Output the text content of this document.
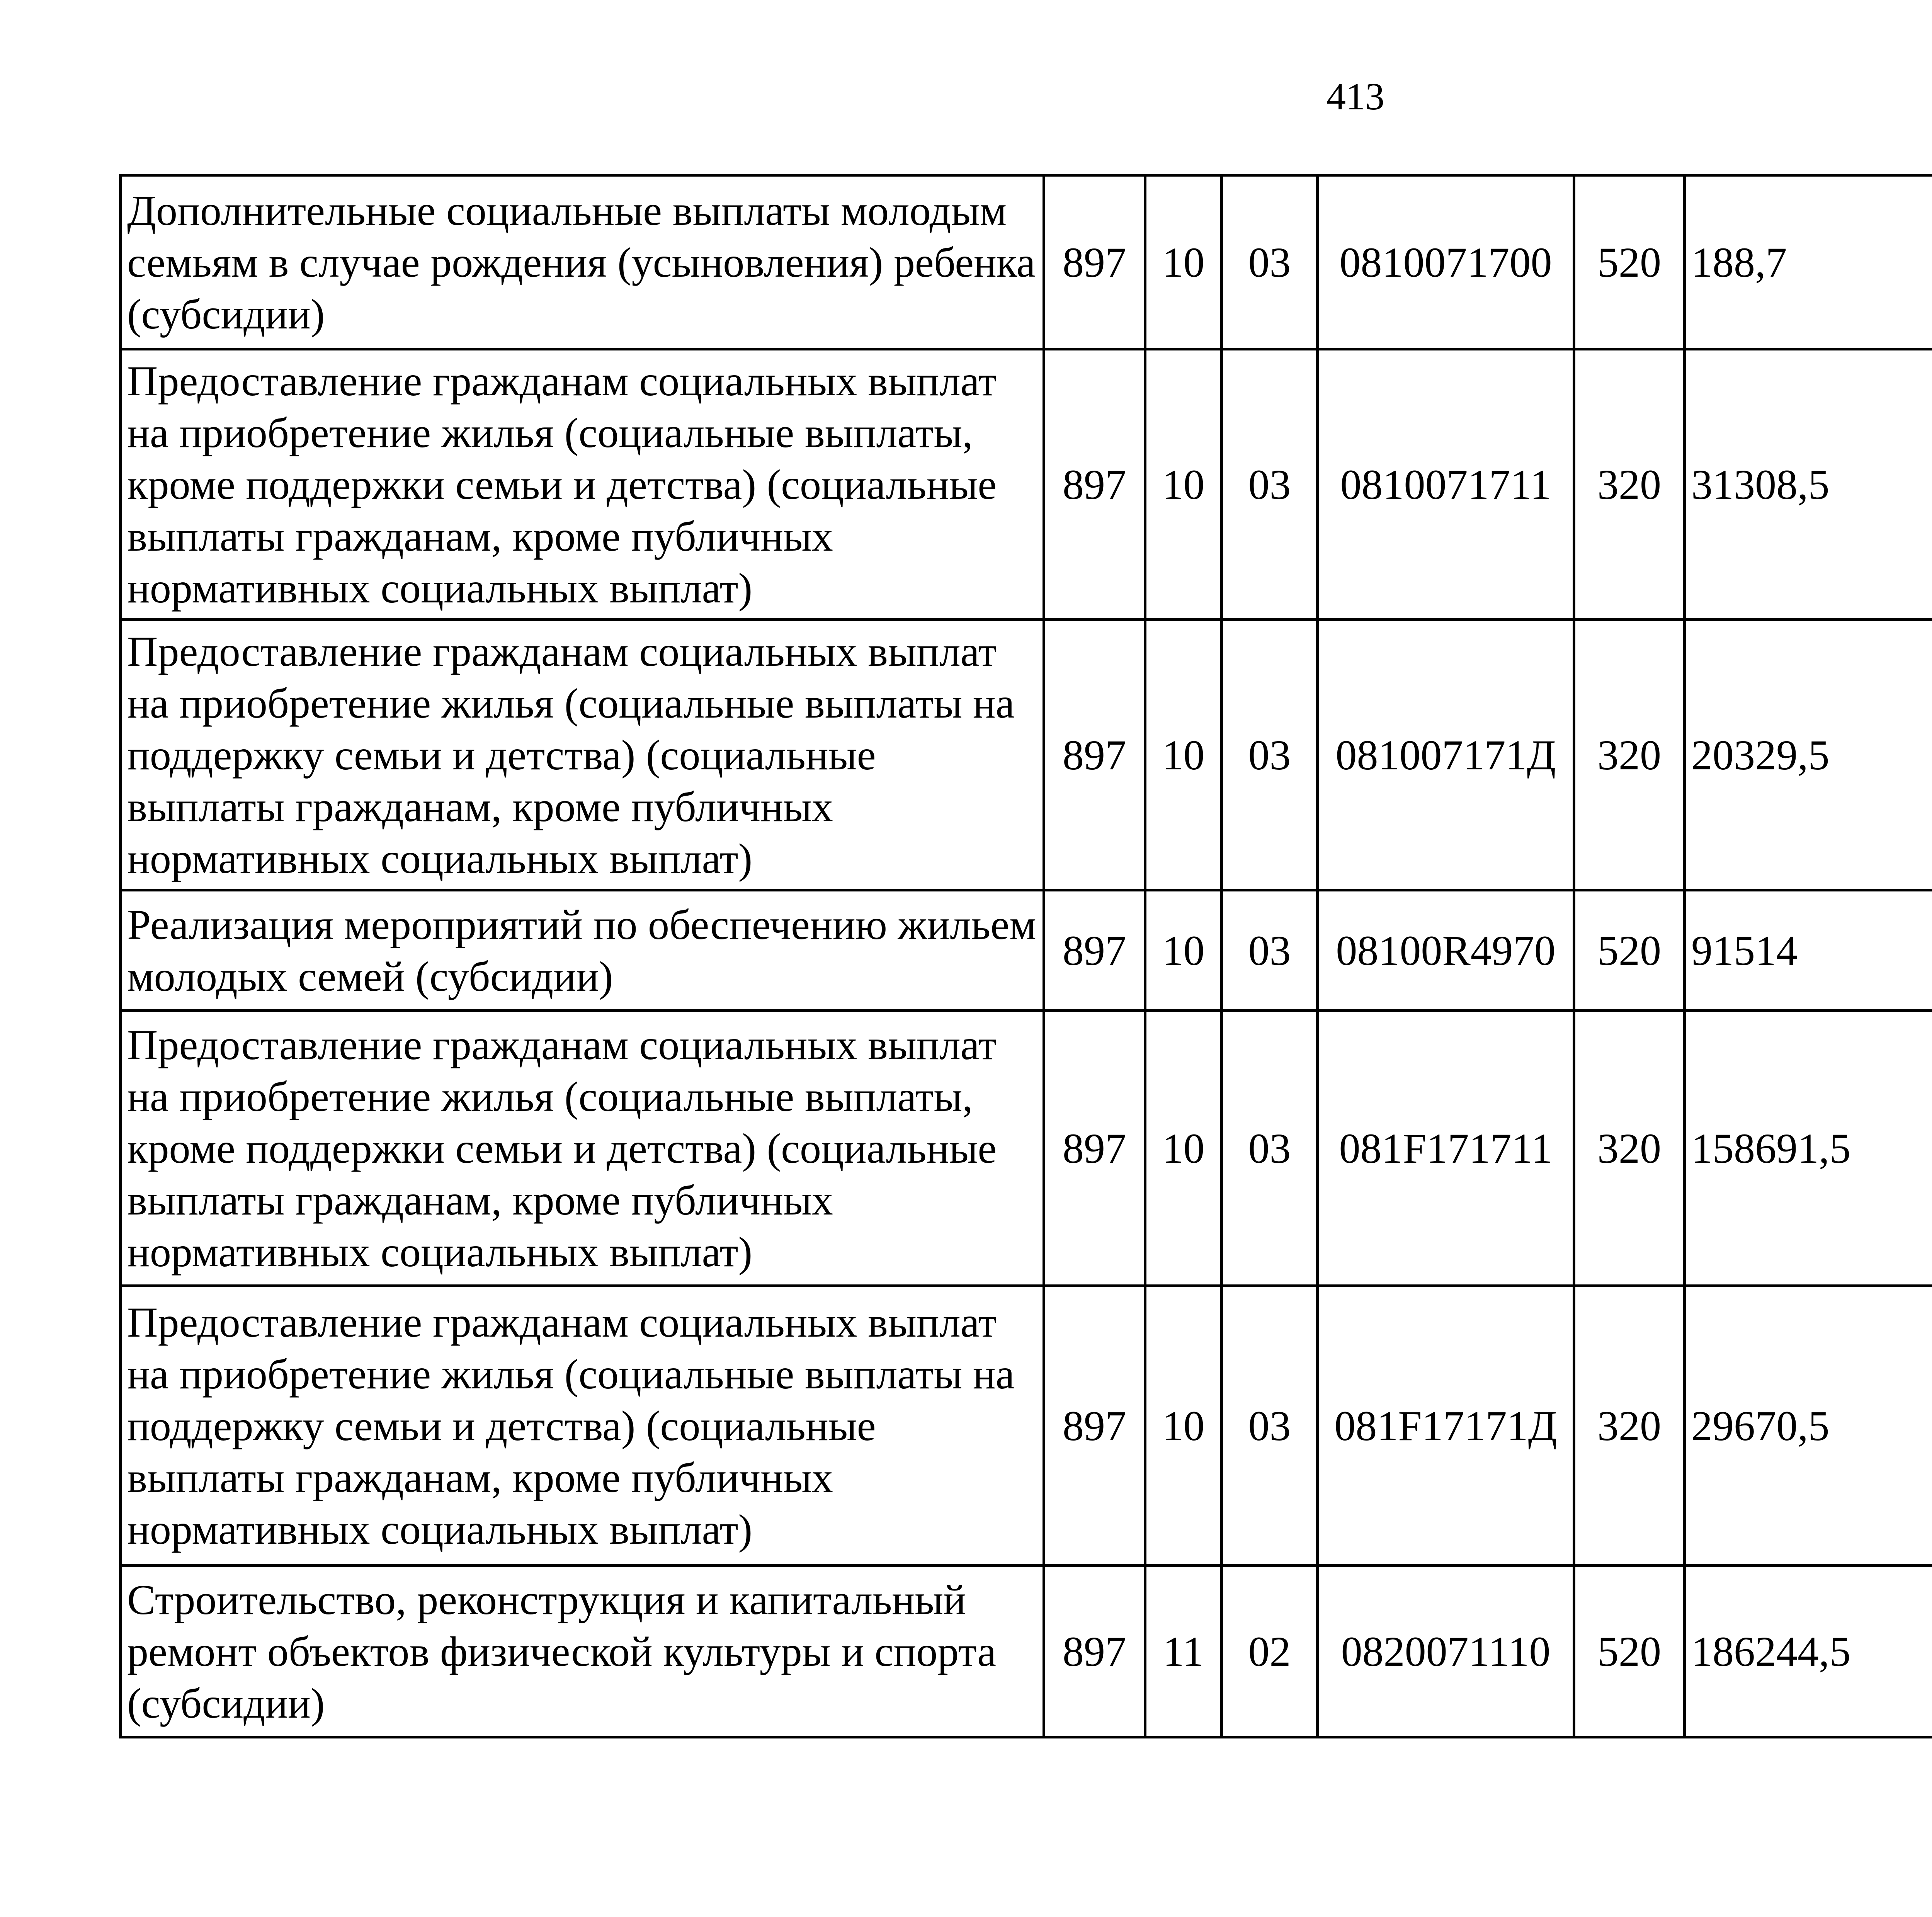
413
Дополнительные социальные выплаты молодым семьям в случае рождения (усыновления) ребенка (субсидии)	897	10	03	0810071700	520	188,7		
Предоставление гражданам социальных выплат на приобретение жилья (социальные выплаты, кроме поддержки семьи и детства) (социальные выплаты гражданам, кроме публичных нормативных социальных выплат)	897	10	03	0810071711	320	31308,5		
Предоставление гражданам социальных выплат на приобретение жилья (социальные выплаты на поддержку семьи и детства) (социальные выплаты гражданам, кроме публичных нормативных социальных выплат)	897	10	03	081007171Д	320	20329,5		
Реализация мероприятий по обеспечению жильем молодых семей (субсидии)	897	10	03	08100R4970	520	91514		
Предоставление гражданам социальных выплат на приобретение жилья (социальные выплаты, кроме поддержки семьи и детства) (социальные выплаты гражданам, кроме публичных нормативных социальных выплат)	897	10	03	081F171711	320	158691,5		
Предоставление гражданам социальных выплат на приобретение жилья (социальные выплаты на поддержку семьи и детства) (социальные выплаты гражданам, кроме публичных нормативных социальных выплат)	897	10	03	081F17171Д	320	29670,5		
Строительство, реконструкция и капитальный ремонт объектов физической культуры и спорта (субсидии)	897	11	02	0820071110	520	186244,5		
